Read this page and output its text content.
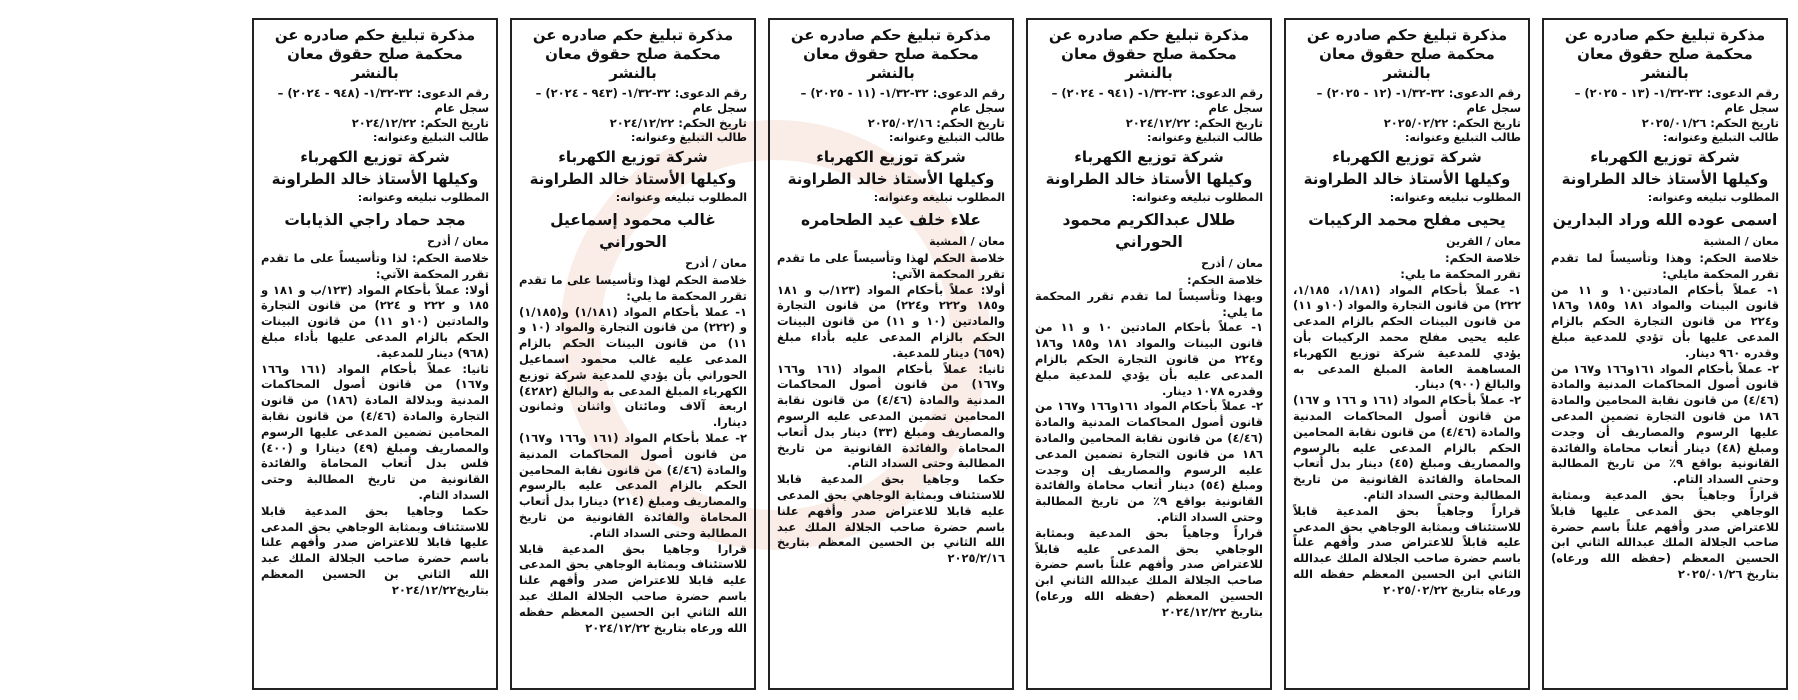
مذكرة تبليغ حكم صادره عن محكمة صلح حقوق معان بالنشر
رقم الدعوى: ٣٢-١/٣٢- (١٣ - ٢٠٢٥) – سجل عام
تاريخ الحكم: ٢٠٢٥/٠١/٢٦
طالب التبليغ وعنوانه:
شركة توزيع الكهرباء
وكيلها الأستاذ خالد الطراونة
المطلوب تبليغه وعنوانه:
اسمى عوده الله وراد البدارين
معان / المشية
خلاصة الحكم: وهذا وتأسيساً لما تقدم تقرر المحكمة مايلي:
١- عملاً بأحكام المادتين١٠ و ١١ من قانون البينات والمواد ١٨١ و١٨٥ و١٨٦ و٢٢٤ من قانون التجارة الحكم بالزام المدعى عليها بأن تؤدي للمدعية مبلغ وقدره ٩٦٠ دينار.
٢- عملاً بأحكام المواد ١٦١و١٦٦ و١٦٧ من قانون أصول المحاكمات المدنية والمادة (٤/٤٦) من قانون نقابة المحامين والمادة ١٨٦ من قانون التجارة تضمين المدعى عليها الرسوم والمصاريف أن وجدت ومبلغ (٤٨) دينار أتعاب محاماة والفائدة القانونية بواقع ٩٪ من تاريخ المطالبة وحتى السداد التام.
قراراً وجاهياً بحق المدعية وبمثابة الوجاهي بحق المدعى عليها قابلاً للاعتراض صدر وأفهم علناً باسم حضرة صاحب الجلالة الملك عبدالله الثاني ابن الحسين المعظم (حفظه الله ورعاه) بتاريخ ٢٠٢٥/٠١/٢٦
مذكرة تبليغ حكم صادره عن محكمة صلح حقوق معان بالنشر
رقم الدعوى: ٣٢-١/٣٢- (١٢ - ٢٠٢٥) – سجل عام
تاريخ الحكم: ٢٠٢٥/٠٢/٢٢
طالب التبليغ وعنوانه:
شركة توزيع الكهرباء
وكيلها الأستاذ خالد الطراونة
المطلوب تبليغه وعنوانه:
يحيى مفلح محمد الركيبات
معان / القرين
خلاصة الحكم:
تقرر المحكمة ما يلي:
١- عملاً بأحكام المواد (١/١٨١، ١/١٨٥، ٢٢٢) من قانون التجارة والمواد (١٠و ١١) من قانون البينات الحكم بالزام المدعى عليه يحيى مفلح محمد الركيبات بأن يؤدي للمدعية شركة توزيع الكهرباء المساهمة العامة المبلغ المدعى به والبالغ (٩٠٠) دينار.
٢- عملاً بأحكام المواد (١٦١ و ١٦٦ و ١٦٧) من قانون أصول المحاكمات المدنية والمادة (٤/٤٦) من قانون نقابة المحامين الحكم بالزام المدعى عليه بالرسوم والمصاريف ومبلغ (٤٥) دينار بدل أتعاب المحاماة والفائدة القانونية من تاريخ المطالبة وحتى السداد التام.
قراراً وجاهياً بحق المدعية قابلاً للاستئناف وبمثابة الوجاهي بحق المدعى عليه قابلاً للاعتراض صدر وأفهم علناً باسم حضرة صاحب الجلالة الملك عبدالله الثاني ابن الحسين المعظم حفظه الله ورعاه بتاريخ ٢٠٢٥/٠٢/٢٢
مذكرة تبليغ حكم صادره عن محكمة صلح حقوق معان بالنشر
رقم الدعوى: ٣٢-١/٣٢- (٩٤١ - ٢٠٢٤) – سجل عام
تاريخ الحكم: ٢٠٢٤/١٢/٢٢
طالب التبليغ وعنوانه:
شركة توزيع الكهرباء
وكيلها الأستاذ خالد الطراونة
المطلوب تبليغه وعنوانه:
طلال عبدالكريم محمود الحوراني
معان / أذرح
خلاصة الحكم:
وبهذا وتأسيساً لما تقدم تقرر المحكمة ما يلي:
١- عملاً بأحكام المادتين ١٠ و ١١ من قانون البينات والمواد ١٨١ و١٨٥ و١٨٦ و٢٢٤ من قانون التجارة الحكم بالزام المدعى عليه بأن يؤدي للمدعية مبلغ وقدره ١٠٧٨ دينار.
٢- عملاً بأحكام المواد ١٦١و١٦٦ و١٦٧ من قانون أصول المحاكمات المدنية والمادة (٤/٤٦) من قانون نقابة المحامين والمادة ١٨٦ من قانون التجارة تضمين المدعى عليه الرسوم والمصاريف إن وجدت ومبلغ (٥٤) دينار أتعاب محاماة والفائدة القانونية بواقع ٩٪ من تاريخ المطالبة وحتى السداد التام.
قراراً وجاهياً بحق المدعية وبمثابة الوجاهي بحق المدعى عليه قابلاً للاعتراض صدر وأفهم علناً باسم حضرة صاحب الجلالة الملك عبدالله الثاني ابن الحسين المعظم (حفظه الله ورعاه) بتاريخ ٢٠٢٤/١٢/٢٢
مذكرة تبليغ حكم صادره عن محكمة صلح حقوق معان بالنشر
رقم الدعوى: ٣٢-١/٣٢- (١١ - ٢٠٢٥) – سجل عام
تاريخ الحكم: ٢٠٢٥/٠٢/١٦
طالب التبليغ وعنوانه:
شركة توزيع الكهرباء
وكيلها الأستاذ خالد الطراونة
المطلوب تبليغه وعنوانه:
علاء خلف عيد الطحامره
معان / المشية
خلاصة الحكم لهذا وتأسيساً على ما تقدم تقرر المحكمة الآتي:
أولا: عملاً بأحكام المواد (١٢٣/ب و ١٨١ و١٨٥ و٢٢٢ و٢٢٤) من قانون التجارة والمادتين (١٠ و ١١) من قانون البينات الحكم بالزام المدعى عليه بأداء مبلغ (٦٥٩) دينار للمدعية.
ثانيا: عملاً بأحكام المواد (١٦١ و١٦٦ و١٦٧) من قانون أصول المحاكمات المدنية والمادة (٤/٤٦) من قانون نقابة المحامين تضمين المدعى عليه الرسوم والمصاريف ومبلغ (٣٣) دينار بدل أتعاب المحاماة والفائدة القانونية من تاريخ المطالبة وحتى السداد التام.
حكما وجاهيا بحق المدعية قابلا للاستئناف وبمثابة الوجاهي بحق المدعى عليه قابلا للاعتراض صدر وأفهم علنا باسم حضرة صاحب الجلالة الملك عبد الله الثاني بن الحسين المعظم بتاريخ ٢٠٢٥/٢/١٦
مذكرة تبليغ حكم صادره عن محكمة صلح حقوق معان بالنشر
رقم الدعوى: ٣٢-١/٣٢- (٩٤٣ - ٢٠٢٤) – سجل عام
تاريخ الحكم: ٢٠٢٤/١٢/٢٢
طالب التبليغ وعنوانه:
شركة توزيع الكهرباء
وكيلها الأستاذ خالد الطراونة
المطلوب تبليغه وعنوانه:
غالب محمود إسماعيل الحوراني
معان / أذرح
خلاصة الحكم لهذا وتأسيسا على ما تقدم تقرر المحكمة ما يلي:
١- عملا بأحكام المواد (١/١٨١) و(١/١٨٥) و (٢٢٢) من قانون التجارة والمواد (١٠ و ١١) من قانون البينات الحكم بالزام المدعى عليه غالب محمود اسماعيل الحوراني بأن يؤدي للمدعية شركة توزيع الكهرباء المبلغ المدعى به والبالغ (٤٢٨٢) اربعة آلاف ومائتان واثنان وثمانون دينارا.
٢- عملا بأحكام المواد (١٦١ و١٦٦ و١٦٧) من قانون أصول المحاكمات المدنية والمادة (٤/٤٦) من قانون نقابة المحامين الحكم بالزام المدعى عليه بالرسوم والمصاريف ومبلغ (٢١٤) دينارا بدل أتعاب المحاماة والفائدة القانونية من تاريخ المطالبة وحتى السداد التام.
قرارا وجاهيا بحق المدعية قابلا للاستئناف وبمثابة الوجاهي بحق المدعى عليه قابلا للاعتراض صدر وأفهم علنا باسم حضرة صاحب الجلالة الملك عبد الله الثاني ابن الحسين المعظم حفظه الله ورعاه بتاريخ ٢٠٢٤/١٢/٢٢
مذكرة تبليغ حكم صادره عن محكمة صلح حقوق معان بالنشر
رقم الدعوى: ٣٢-١/٣٢- (٩٤٨ - ٢٠٢٤) – سجل عام
تاريخ الحكم: ٢٠٢٤/١٢/٢٢
طالب التبليغ وعنوانه:
شركة توزيع الكهرباء
وكيلها الأستاذ خالد الطراونة
المطلوب تبليغه وعنوانه:
مجد حماد راجي الذيابات
معان / أذرح
خلاصة الحكم: لذا وتأسيساً على ما تقدم تقرر المحكمة الآتي:
أولا: عملاً بأحكام المواد (١٢٣/ب و ١٨١ و ١٨٥ و ٢٢٢ و ٢٢٤) من قانون التجارة والمادتين (١٠و ١١) من قانون البينات الحكم بالزام المدعى عليها بأداء مبلغ (٩٦٨) دينار للمدعية.
ثانيا: عملاً بأحكام المواد (١٦١ و١٦٦ و١٦٧) من قانون أصول المحاكمات المدنية وبدلالة المادة (١٨٦) من قانون التجارة والمادة (٤/٤٦) من قانون نقابة المحامين تضمين المدعى عليها الرسوم والمصاريف ومبلغ (٤٩) دينارا و (٤٠٠) فلس بدل أتعاب المحاماة والفائدة القانونية من تاريخ المطالبة وحتى السداد التام.
حكما وجاهيا بحق المدعية قابلا للاستئناف وبمثابة الوجاهي بحق المدعى عليها قابلا للاعتراض صدر وأفهم علنا باسم حضرة صاحب الجلالة الملك عبد الله الثاني بن الحسين المعظم بتاريخ٢٠٢٤/١٢/٢٢
